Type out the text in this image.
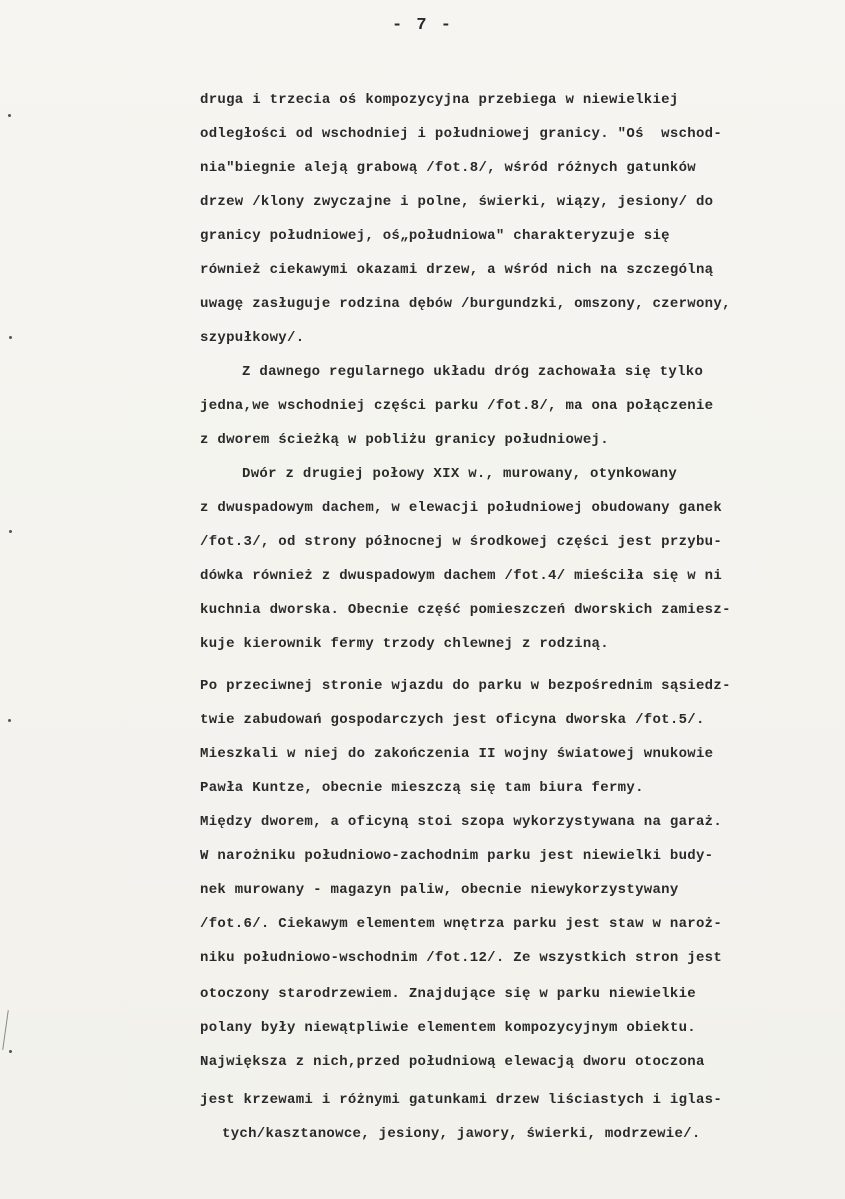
- 7 -
druga i trzecia oś kompozycyjna przebiega w niewielkiej
odległości od wschodniej i południowej granicy. "Oś  wschod-
nia"biegnie aleją grabową /fot.8/, wśród różnych gatunków
drzew /klony zwyczajne i polne, świerki, wiązy, jesiony/ do
granicy południowej, oś„południowa" charakteryzuje się
również ciekawymi okazami drzew, a wśród nich na szczególną
uwagę zasługuje rodzina dębów /burgundzki, omszony, czerwony,
szypułkowy/.
Z dawnego regularnego układu dróg zachowała się tylko
jedna,we wschodniej części parku /fot.8/, ma ona połączenie
z dworem ścieżką w pobliżu granicy południowej.
Dwór z drugiej połowy XIX w., murowany, otynkowany
z dwuspadowym dachem, w elewacji południowej obudowany ganek
/fot.3/, od strony północnej w środkowej części jest przybu-
dówka również z dwuspadowym dachem /fot.4/ mieściła się w ni
kuchnia dworska. Obecnie część pomieszczeń dworskich zamiesz-
kuje kierownik fermy trzody chlewnej z rodziną.
Po przeciwnej stronie wjazdu do parku w bezpośrednim sąsiedz-
twie zabudowań gospodarczych jest oficyna dworska /fot.5/.
Mieszkali w niej do zakończenia II wojny światowej wnukowie
Pawła Kuntze, obecnie mieszczą się tam biura fermy.
Między dworem, a oficyną stoi szopa wykorzystywana na garaż.
W narożniku południowo-zachodnim parku jest niewielki budy-
nek murowany - magazyn paliw, obecnie niewykorzystywany
/fot.6/. Ciekawym elementem wnętrza parku jest staw w naroż-
niku południowo-wschodnim /fot.12/. Ze wszystkich stron jest
otoczony starodrzewiem. Znajdujące się w parku niewielkie
polany były niewątpliwie elementem kompozycyjnym obiektu.
Największa z nich,przed południową elewacją dworu otoczona
jest krzewami i różnymi gatunkami drzew liściastych i iglas-
tych/kasztanowce, jesiony, jawory, świerki, modrzewie/.
